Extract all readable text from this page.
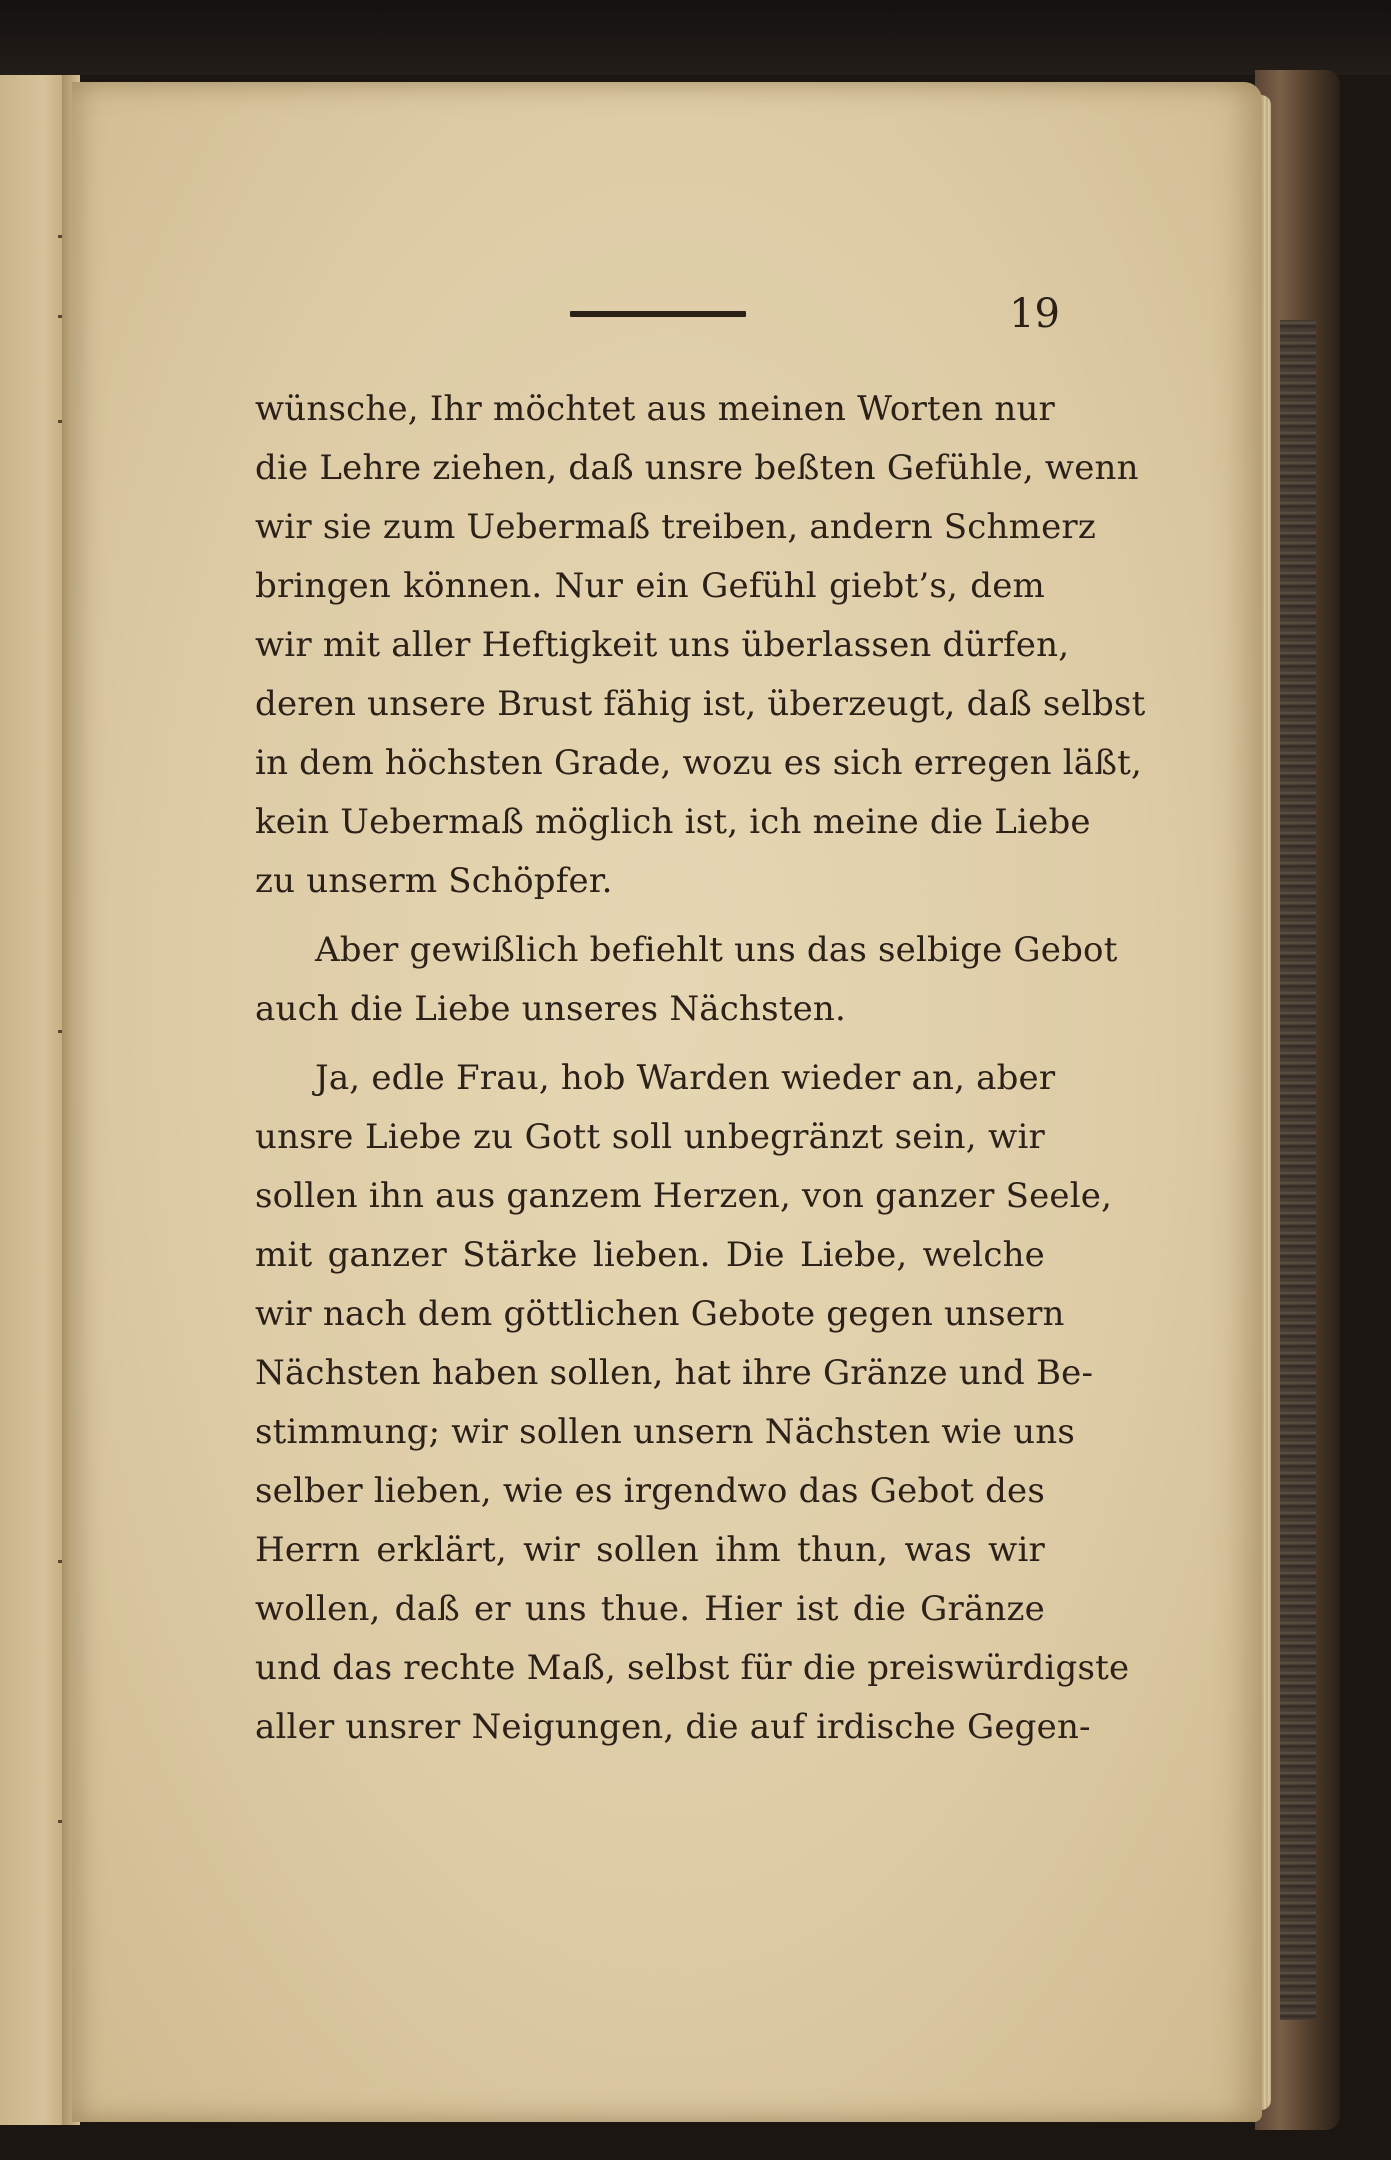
19
wünsche, Ihr möchtet aus meinen Worten nur
die Lehre ziehen, daß unsre beßten Gefühle, wenn
wir sie zum Uebermaß treiben, andern Schmerz
bringen können. Nur ein Gefühl giebt’s, dem
wir mit aller Heftigkeit uns überlassen dürfen,
deren unsere Brust fähig ist, überzeugt, daß selbst
in dem höchsten Grade, wozu es sich erregen läßt,
kein Uebermaß möglich ist, ich meine die Liebe
zu unserm Schöpfer.
Aber gewißlich befiehlt uns das selbige Gebot
auch die Liebe unseres Nächsten.
Ja, edle Frau, hob Warden wieder an, aber
unsre Liebe zu Gott soll unbegränzt sein, wir
sollen ihn aus ganzem Herzen, von ganzer Seele,
mit ganzer Stärke lieben. Die Liebe, welche
wir nach dem göttlichen Gebote gegen unsern
Nächsten haben sollen, hat ihre Gränze und Be-
stimmung; wir sollen unsern Nächsten wie uns
selber lieben, wie es irgendwo das Gebot des
Herrn erklärt, wir sollen ihm thun, was wir
wollen, daß er uns thue. Hier ist die Gränze
und das rechte Maß, selbst für die preiswürdigste
aller unsrer Neigungen, die auf irdische Gegen-
